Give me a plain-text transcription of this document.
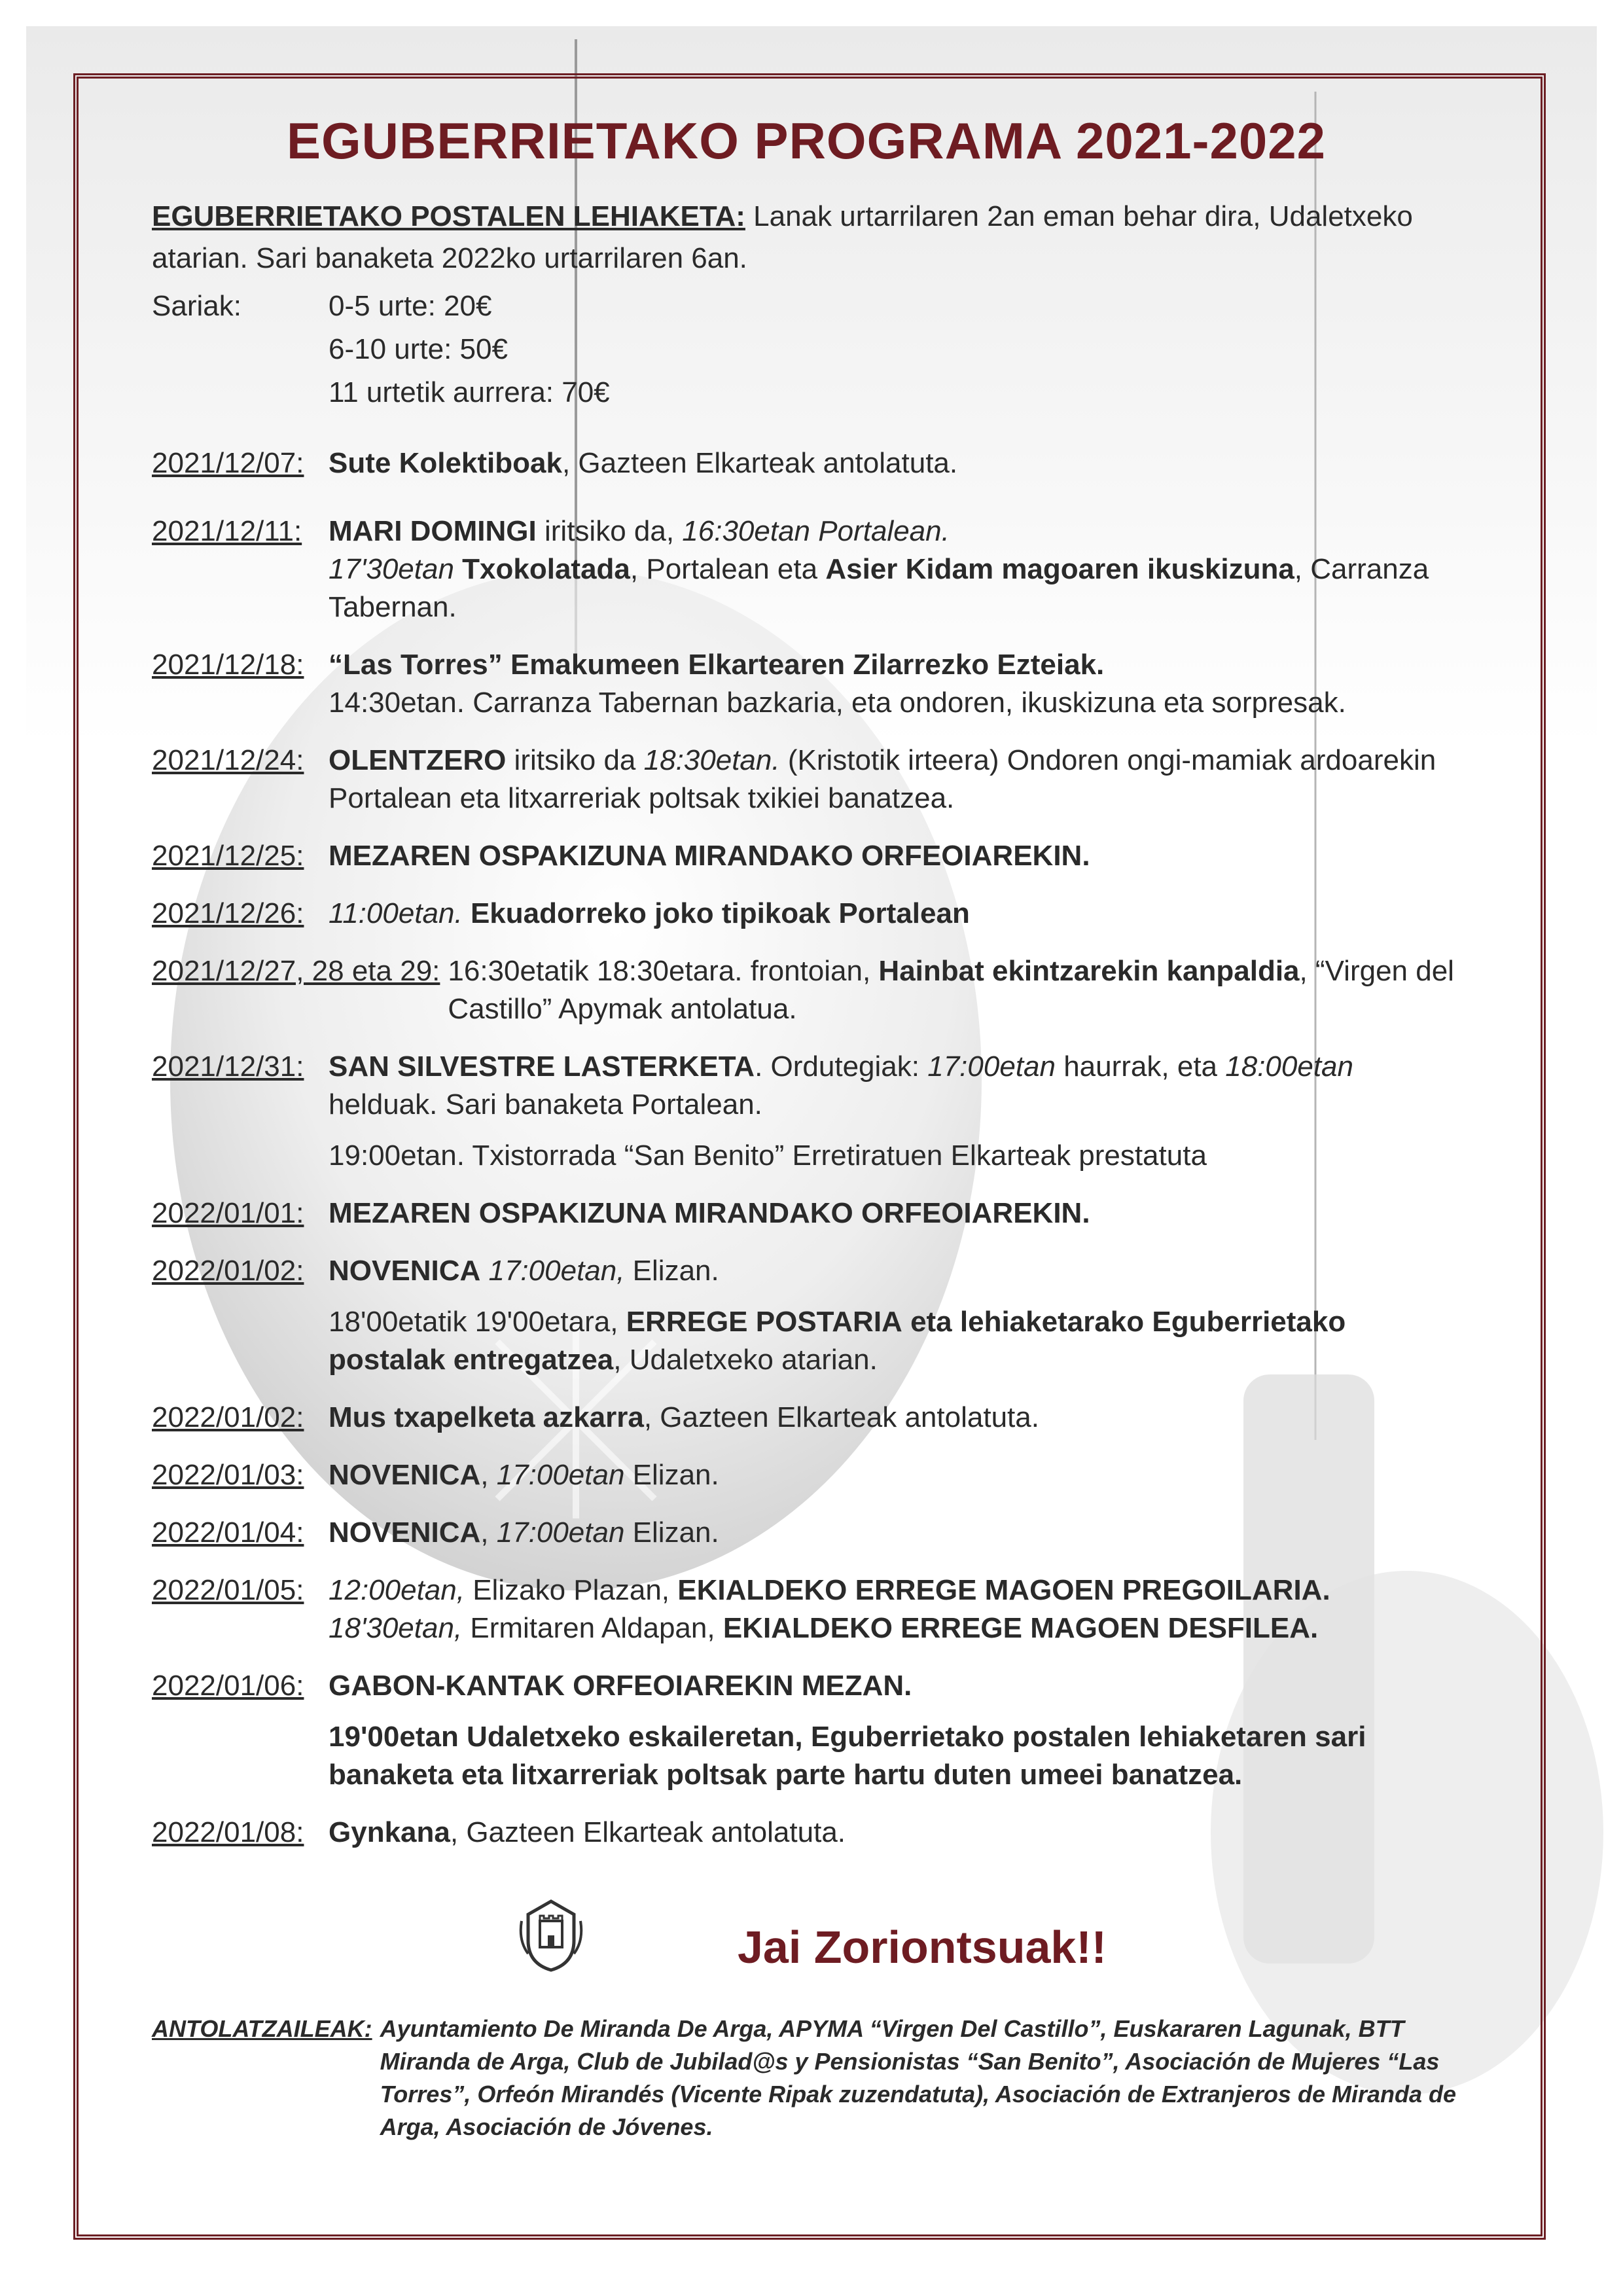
EGUBERRIETAKO PROGRAMA 2021-2022
EGUBERRIETAKO POSTALEN LEHIAKETA: Lanak urtarrilaren 2an eman behar dira, Udaletxeko atarian. Sari banaketa 2022ko urtarrilaren 6an.
Sariak:	0-5 urte: 20€
6-10 urte: 50€
11 urtetik aurrera: 70€
2021/12/07: Sute Kolektiboak, Gazteen Elkarteak antolatuta.
2021/12/11: MARI DOMINGI iritsiko da, 16:30etan Portalean.
17'30etan Txokolatada, Portalean eta Asier Kidam magoaren ikuskizuna, Carranza Tabernan.
2021/12/18: “Las Torres” Emakumeen Elkartearen Zilarrezko Ezteiak.
14:30etan. Carranza Tabernan bazkaria, eta ondoren, ikuskizuna eta sorpresak.
2021/12/24: OLENTZERO iritsiko da 18:30etan. (Kristotik irteera) Ondoren ongi-mamiak ardoarekin Portalean eta litxarreriak poltsak txikiei banatzea.
2021/12/25: MEZAREN OSPAKIZUNA MIRANDAKO ORFEOIAREKIN.
2021/12/26: 11:00etan. Ekuadorreko joko tipikoak Portalean
2021/12/27, 28 eta 29: 16:30etatik 18:30etara. frontoian, Hainbat ekintzarekin kanpaldia, “Virgen del Castillo” Apymak antolatua.
2021/12/31: SAN SILVESTRE LASTERKETA. Ordutegiak: 17:00etan haurrak, eta 18:00etan helduak. Sari banaketa Portalean.
19:00etan. Txistorrada “San Benito” Erretiratuen Elkarteak prestatuta
2022/01/01: MEZAREN OSPAKIZUNA MIRANDAKO ORFEOIAREKIN.
2022/01/02: NOVENICA 17:00etan, Elizan.
18'00etatik 19'00etara, ERREGE POSTARIA eta lehiaketarako Eguberrietako postalak entregatzea, Udaletxeko atarian.
2022/01/02: Mus txapelketa azkarra, Gazteen Elkarteak antolatuta.
2022/01/03: NOVENICA, 17:00etan Elizan.
2022/01/04: NOVENICA, 17:00etan Elizan.
2022/01/05: 12:00etan, Elizako Plazan, EKIALDEKO ERREGE MAGOEN PREGOILARIA.
18'30etan, Ermitaren Aldapan, EKIALDEKO ERREGE MAGOEN DESFILEA.
2022/01/06: GABON-KANTAK ORFEOIAREKIN MEZAN.
19'00etan Udaletxeko eskaileretan, Eguberrietako postalen lehiaketaren sari banaketa eta litxarreriak poltsak parte hartu duten umeei banatzea.
2022/01/08: Gynkana, Gazteen Elkarteak antolatuta.
Jai Zoriontsuak!!
ANTOLATZAILEAK: Ayuntamiento De Miranda De Arga, APYMA “Virgen Del Castillo”, Euskararen Lagunak, BTT Miranda de Arga, Club de Jubilad@s y Pensionistas “San Benito”, Asociación de Mujeres “Las Torres”, Orfeón Mirandés (Vicente Ripak zuzendatuta), Asociación de Extranjeros de Miranda de Arga, Asociación de Jóvenes.
